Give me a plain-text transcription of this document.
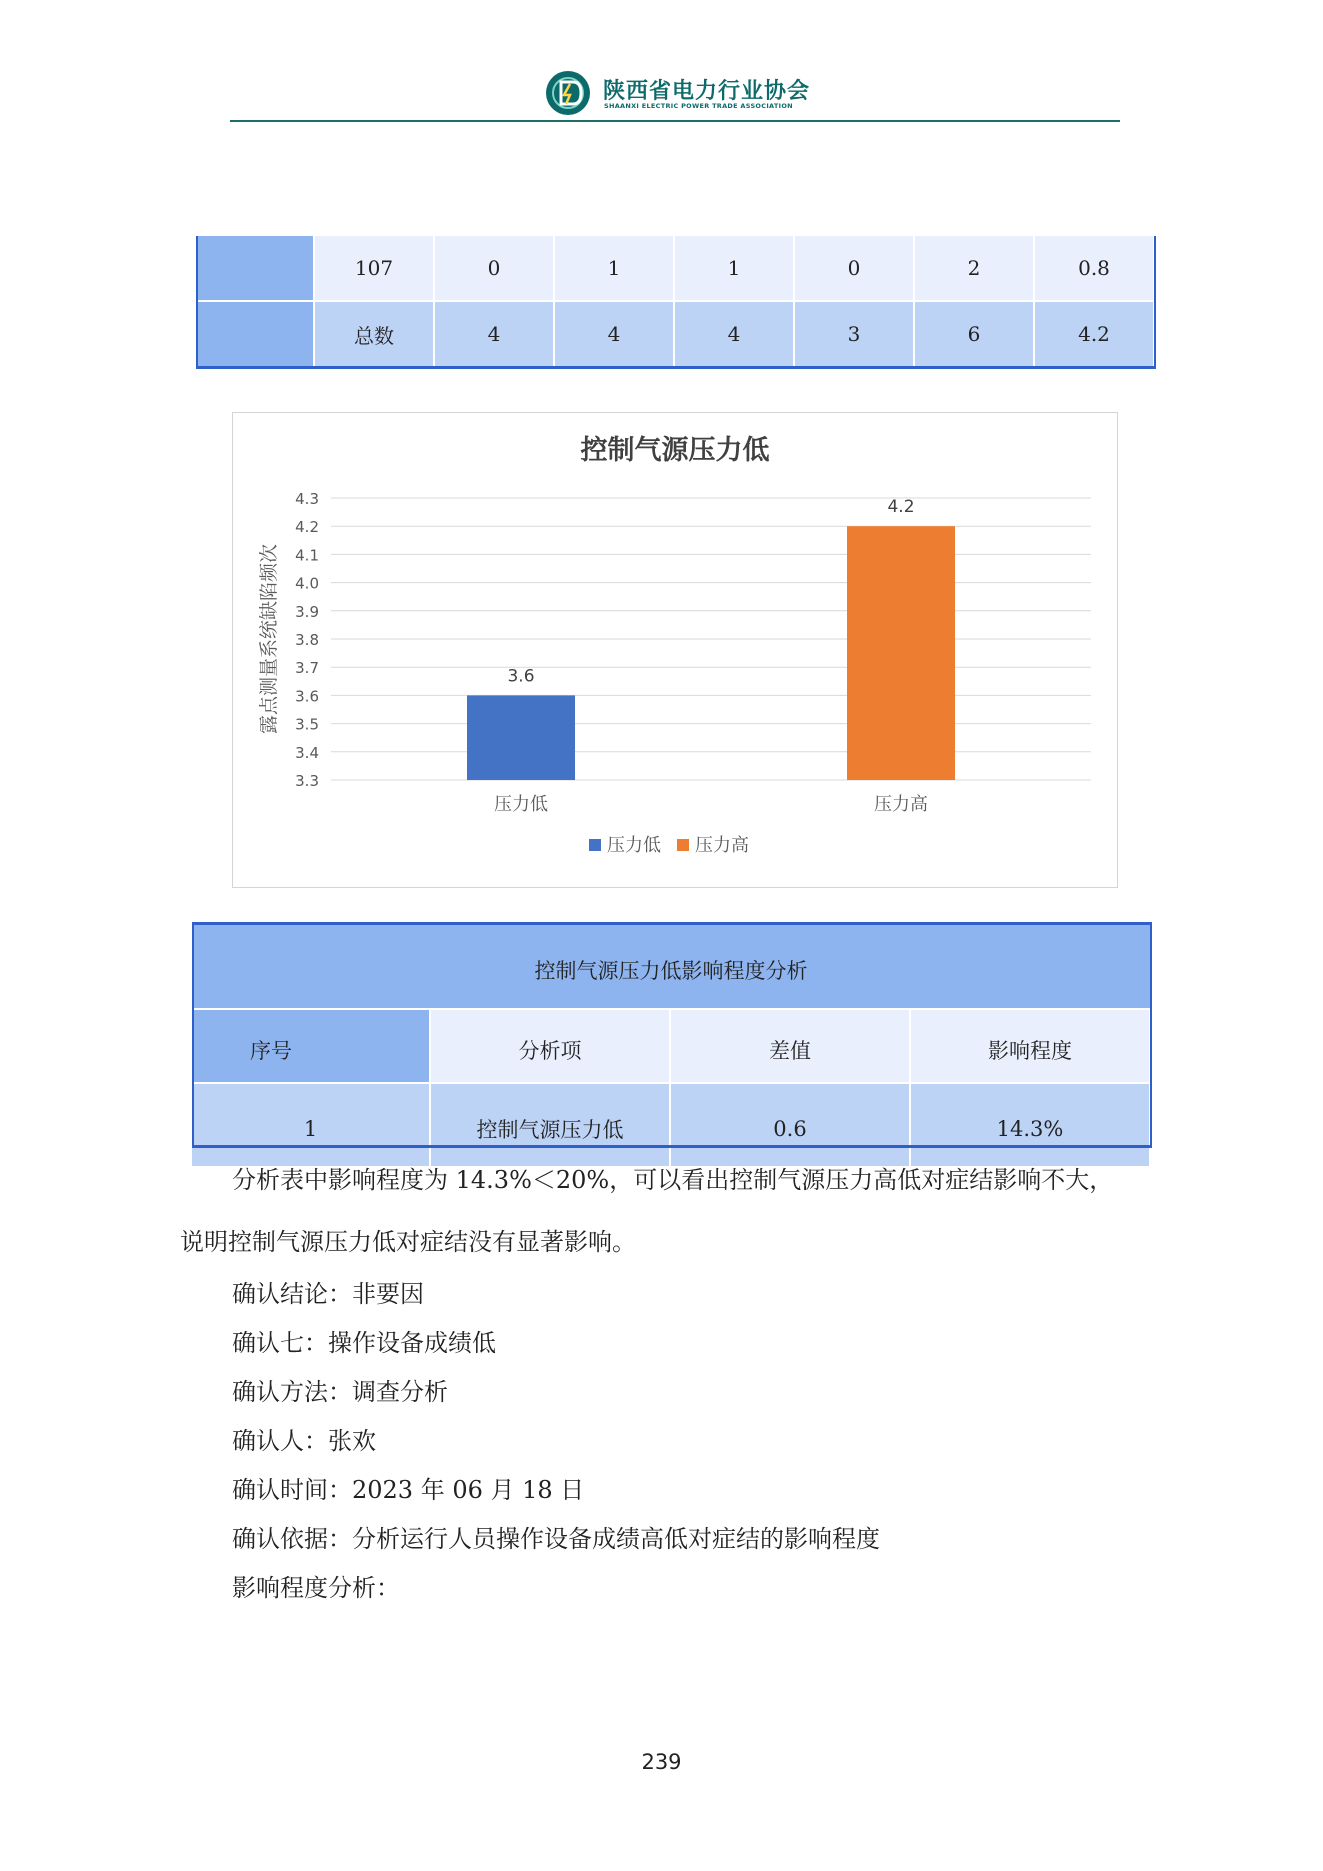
陕西省电力行业协会
SHAANXI ELECTRIC POWER TRADE ASSOCIATION
	107	0	1	1	0	2	0.8
	总数	4	4	4	3	6	4.2
控制气源压力低
露点测量系统缺陷频次
3.3
3.4
3.5
3.6
3.7
3.8
3.9
4.0
4.1
4.2
4.3
3.6
压力低
4.2
压力高
压力低 压力高
控制气源压力低影响程度分析			
序号	分析项	差值	影响程度
1	控制气源压力低	0.6	14.3%
分析表中影响程度为 14.3%＜20%，可以看出控制气源压力高低对症结影响不大，
说明控制气源压力低对症结没有显著影响。
确认结论：非要因
确认七：操作设备成绩低
确认方法：调查分析
确认人：张欢
确认时间：2023 年 06 月 18 日
确认依据：分析运行人员操作设备成绩高低对症结的影响程度
影响程度分析：
239
